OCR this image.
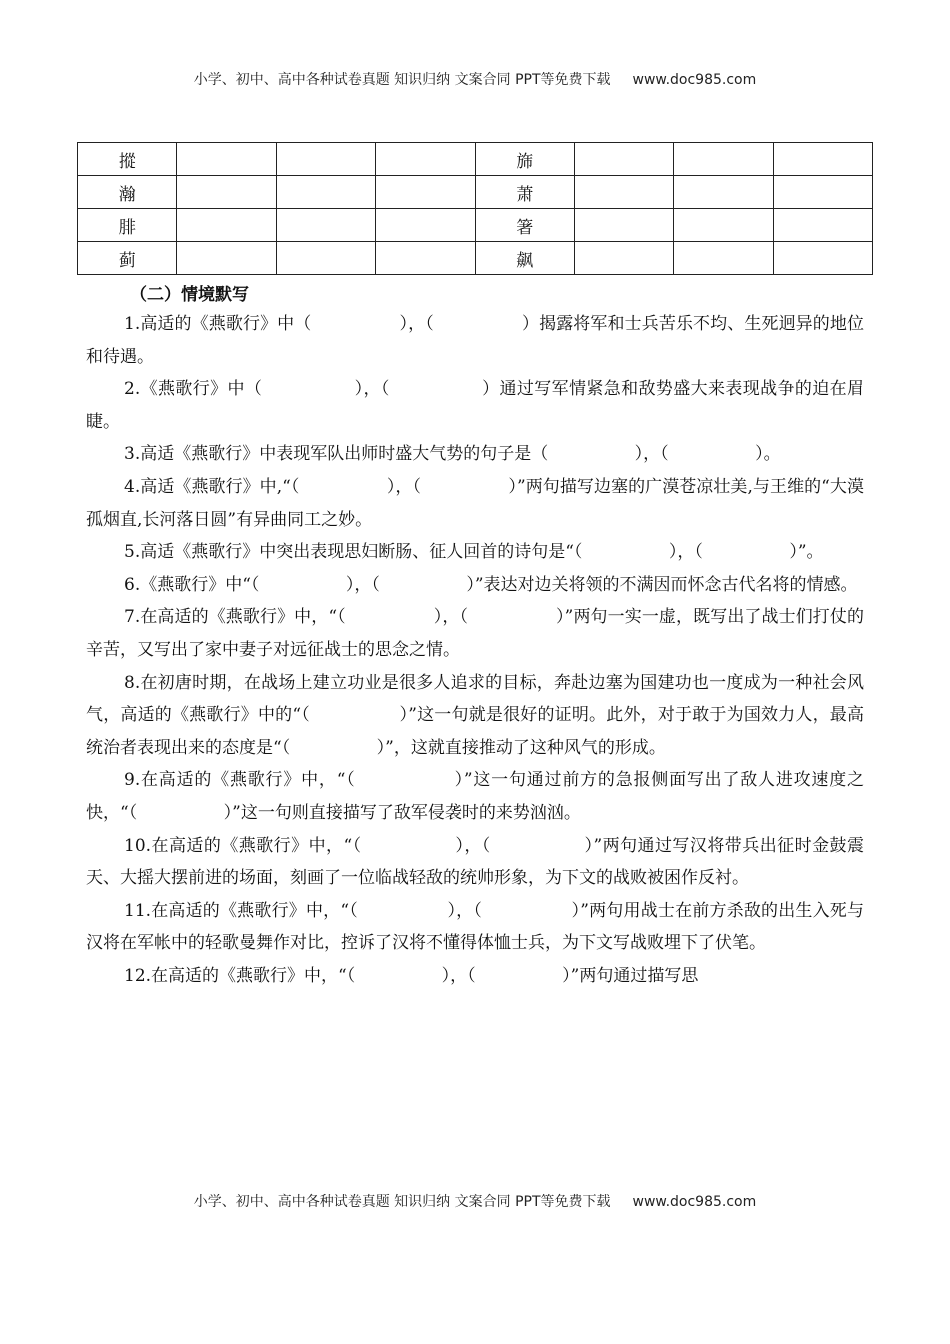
小学、初中、高中各种试卷真题 知识归纳 文案合同 PPT等免费下载 www.doc985.com
摐				旆			
瀚				萧			
腓				箸			
蓟				飙			
（二）情境默写

1.高适的《燕歌行》中（                ），（                ）揭露将军和士兵苦乐不均、生死迥异的地位和待遇。

2.《燕歌行》中（                ），（                ）通过写军情紧急和敌势盛大来表现战争的迫在眉睫。

3.高适《燕歌行》中表现军队出师时盛大气势的句子是（                ），（                ）。

4.高适《燕歌行》中,“（                ），（                ）”两句描写边塞的广漠苍凉壮美,与王维的“大漠孤烟直,长河落日圆”有异曲同工之妙。

5.高适《燕歌行》中突出表现思妇断肠、征人回首的诗句是“（                ），（                ）”。

6.《燕歌行》中“（                ），（                ）”表达对边关将领的不满因而怀念古代名将的情感。

7.在高适的《燕歌行》中，“（                ），（                ）”两句一实一虚，既写出了战士们打仗的辛苦，又写出了家中妻子对远征战士的思念之情。

8.在初唐时期，在战场上建立功业是很多人追求的目标，奔赴边塞为国建功也一度成为一种社会风气，高适的《燕歌行》中的“（                ）”这一句就是很好的证明。此外，对于敢于为国效力人，最高统治者表现出来的态度是“（                ）”，这就直接推动了这种风气的形成。

9.在高适的《燕歌行》中，“（                ）”这一句通过前方的急报侧面写出了敌人进攻速度之快，“（                ）”这一句则直接描写了敌军侵袭时的来势汹汹。

10.在高适的《燕歌行》中，“（                ），（                ）”两句通过写汉将带兵出征时金鼓震天、大摇大摆前进的场面，刻画了一位临战轻敌的统帅形象，为下文的战败被困作反衬。

11.在高适的《燕歌行》中，“（                ），（                ）”两句用战士在前方杀敌的出生入死与汉将在军帐中的轻歌曼舞作对比，控诉了汉将不懂得体恤士兵，为下文写战败埋下了伏笔。

12.在高适的《燕歌行》中，“（                ），（                ）”两句通过描写思

小学、初中、高中各种试卷真题 知识归纳 文案合同 PPT等免费下载 www.doc985.com
